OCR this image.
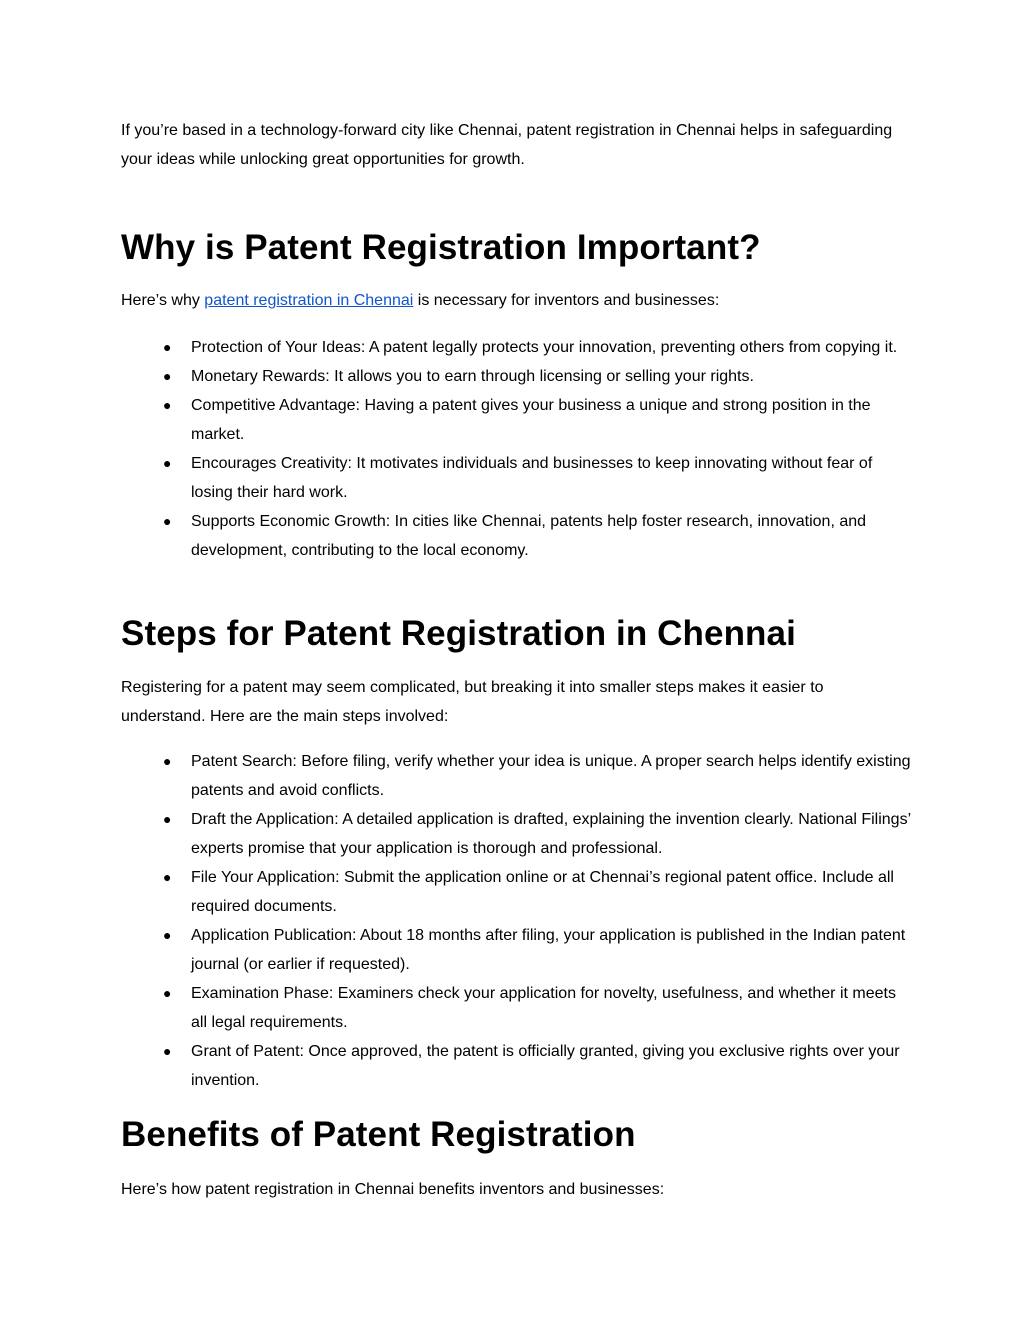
If you’re based in a technology-forward city like Chennai, patent registration in Chennai helps in safeguarding your ideas while unlocking great opportunities for growth.

Why is Patent Registration Important?

Here’s why patent registration in Chennai is necessary for inventors and businesses:

● Protection of Your Ideas: A patent legally protects your innovation, preventing others from copying it.
● Monetary Rewards: It allows you to earn through licensing or selling your rights.
● Competitive Advantage: Having a patent gives your business a unique and strong position in the market.
● Encourages Creativity: It motivates individuals and businesses to keep innovating without fear of losing their hard work.
● Supports Economic Growth: In cities like Chennai, patents help foster research, innovation, and development, contributing to the local economy.
Steps for Patent Registration in Chennai

Registering for a patent may seem complicated, but breaking it into smaller steps makes it easier to understand. Here are the main steps involved:

● Patent Search: Before filing, verify whether your idea is unique. A proper search helps identify existing patents and avoid conflicts.
● Draft the Application: A detailed application is drafted, explaining the invention clearly. National Filings’ experts promise that your application is thorough and professional.
● File Your Application: Submit the application online or at Chennai’s regional patent office. Include all required documents.
● Application Publication: About 18 months after filing, your application is published in the Indian patent journal (or earlier if requested).
● Examination Phase: Examiners check your application for novelty, usefulness, and whether it meets all legal requirements.
● Grant of Patent: Once approved, the patent is officially granted, giving you exclusive rights over your invention.
Benefits of Patent Registration

Here’s how patent registration in Chennai benefits inventors and businesses:
